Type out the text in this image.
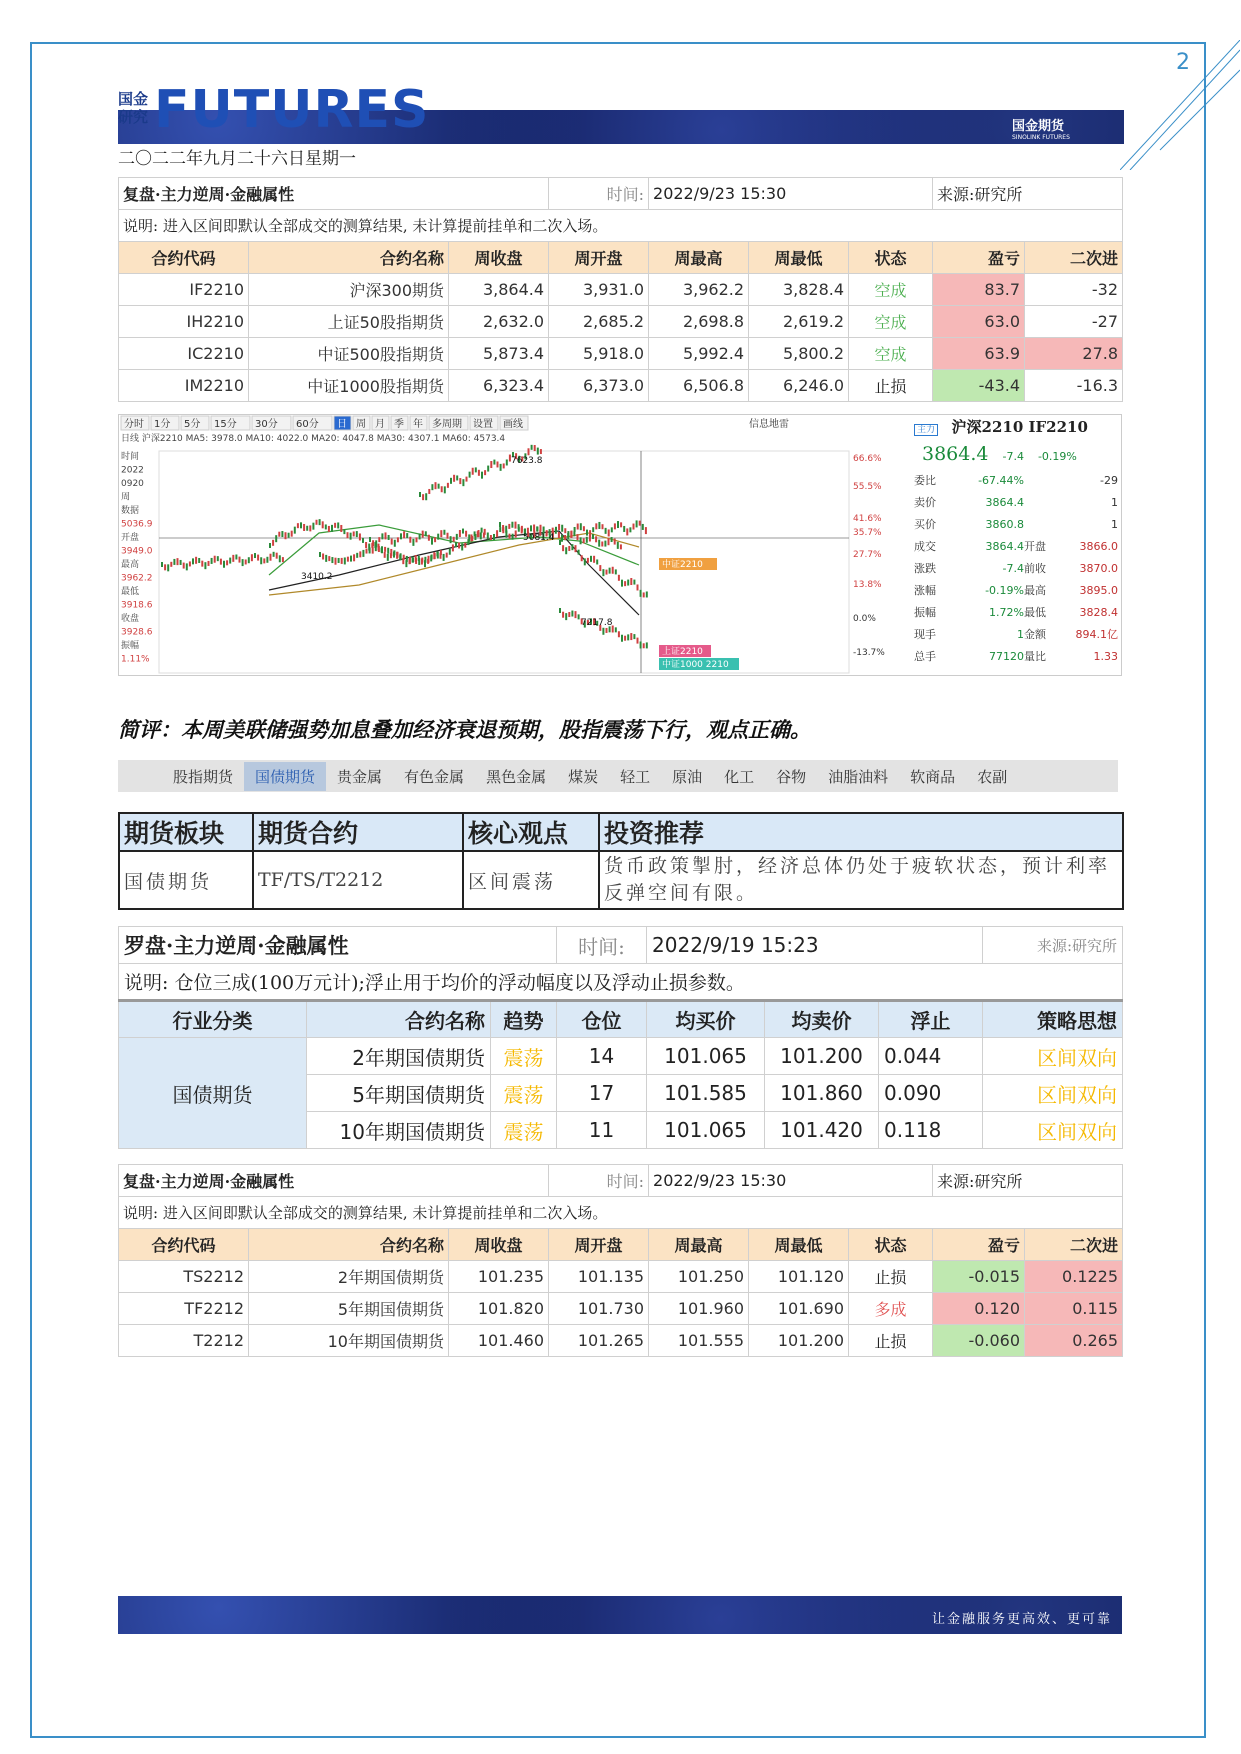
2
国金
研究 FUTURES	国金期货
SINOLINK FUTURES
二〇二二年九月二十六日星期一
复盘·主力逆周·金融属性			时间:	2022/9/23 15:30			来源:研究所	
说明: 进入区间即默认全部成交的测算结果, 未计算提前挂单和二次入场。								
合约代码	合约名称	周收盘	周开盘	周最高	周最低	状态	盈亏	二次进
IF2210	沪深300期货	3,864.4	3,931.0	3,962.2	3,828.4	空成	83.7	-32
IH2210	上证50股指期货	2,632.0	2,685.2	2,698.8	2,619.2	空成	63.0	-27
IC2210	中证500股指期货	5,873.4	5,918.0	5,992.4	5,800.2	空成	63.9	27.8
IM2210	中证1000股指期货	6,323.4	6,373.0	6,506.8	6,246.0	止损	-43.4	-16.3
分时 1分 5分 15分 30分 60分 日 周 月 季 年 多周期 设置 画线	信息地雷
日线 沪深2210 MA5: 3978.0 MA10: 4022.0 MA20: 4047.8 MA30: 4307.1 MA60: 4573.4
时间
2022
0920
周
数据
5036.9
开盘
3949.0
最高
3962.2
最低
3918.6
收盘
3928.6
振幅
1.11%
7623.8
5081.4
3410.2
7217.8
中证2210
上证2210
中证1000 2210
66.6%
55.5%
41.6%
35.7%
27.7%
13.8%
0.0%
-13.7%
主力 沪深2210 IF2210
3864.4 -7.4 -0.19%
委比	-67.44%	-29
卖价	3864.4	1
买价	3860.8	1
成交	3864.4 开盘	3866.0
涨跌	-7.4 前收	3870.0
涨幅	-0.19% 最高	3895.0
振幅	1.72% 最低	3828.4
现手	1 金额	894.1亿
总手	77120 量比	1.33
简评：本周美联储强势加息叠加经济衰退预期，股指震荡下行，观点正确。
股指期货	国债期货	贵金属	有色金属	黑色金属	煤炭	轻工	原油	化工	谷物	油脂油料	软商品	农副
期货板块	期货合约	核心观点	投资推荐
国债期货	TF/TS/T2212	区间震荡	货币政策掣肘，经济总体仍处于疲软状态，预计利率反弹空间有限。
罗盘·主力逆周·金融属性			时间:	2022/9/19 15:23			来源:研究所
说明: 仓位三成(100万元计);浮止用于均价的浮动幅度以及浮动止损参数。							
行业分类	合约名称	趋势	仓位	均买价	均卖价	浮止	策略思想
国债期货	2年期国债期货	震荡	14	101.065	101.200	0.044	区间双向
	5年期国债期货	震荡	17	101.585	101.860	0.090	区间双向
	10年期国债期货	震荡	11	101.065	101.420	0.118	区间双向
复盘·主力逆周·金融属性			时间:	2022/9/23 15:30			来源:研究所	
说明: 进入区间即默认全部成交的测算结果, 未计算提前挂单和二次入场。								
合约代码	合约名称	周收盘	周开盘	周最高	周最低	状态	盈亏	二次进
TS2212	2年期国债期货	101.235	101.135	101.250	101.120	止损	-0.015	0.1225
TF2212	5年期国债期货	101.820	101.730	101.960	101.690	多成	0.120	0.115
T2212	10年期国债期货	101.460	101.265	101.555	101.200	止损	-0.060	0.265
让金融服务更高效、更可靠
